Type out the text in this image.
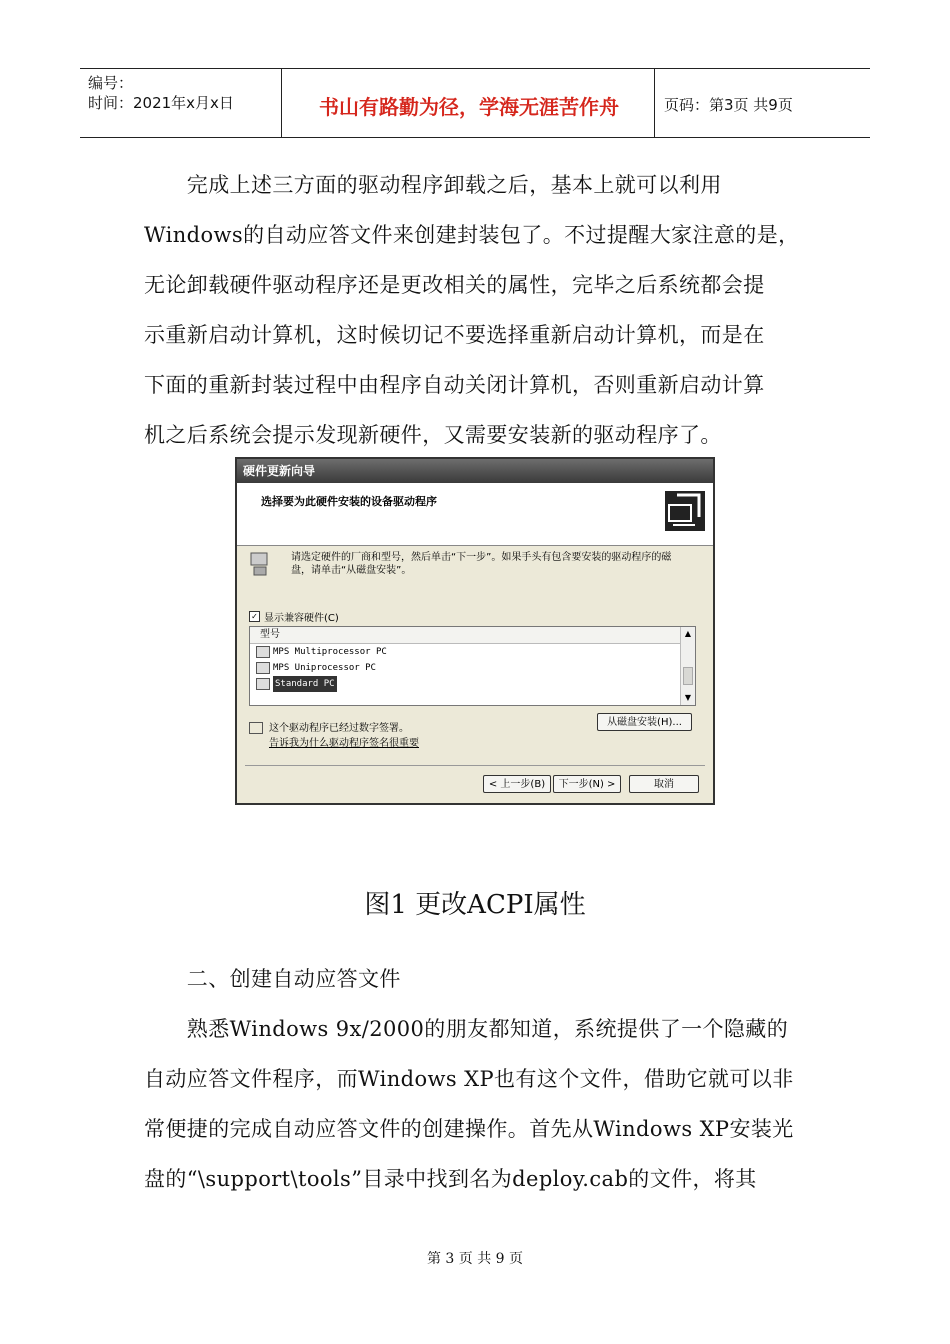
编号：
时间：2021年x月x日	书山有路勤为径，学海无涯苦作舟	页码：第3页 共9页

　　完成上述三方面的驱动程序卸载之后，基本上就可以利用

Windows的自动应答文件来创建封装包了。不过提醒大家注意的是，

无论卸载硬件驱动程序还是更改相关的属性，完毕之后系统都会提

示重新启动计算机，这时候切记不要选择重新启动计算机，而是在

下面的重新封装过程中由程序自动关闭计算机，否则重新启动计算

机之后系统会提示发现新硬件，又需要安装新的驱动程序了。

硬件更新向导
选择要为此硬件安装的设备驱动程序
请选定硬件的厂商和型号，然后单击“下一步”。如果手头有包含要安装的驱动程序的磁盘，请单击“从磁盘安装”。
✓ 显示兼容硬件(C)
型号
MPS Multiprocessor PC
MPS Uniprocessor PC
Standard PC
▲
▼
从磁盘安装(H)...
这个驱动程序已经过数字签署。
告诉我为什么驱动程序签名很重要
< 上一步(B)	下一步(N) >	取消
图1 更改ACPI属性

　　二、创建自动应答文件

　　熟悉Windows 9x/2000的朋友都知道，系统提供了一个隐藏的

自动应答文件程序，而Windows XP也有这个文件，借助它就可以非

常便捷的完成自动应答文件的创建操作。首先从Windows XP安装光

盘的“\support\tools”目录中找到名为deploy.cab的文件，将其

第 3 页 共 9 页
